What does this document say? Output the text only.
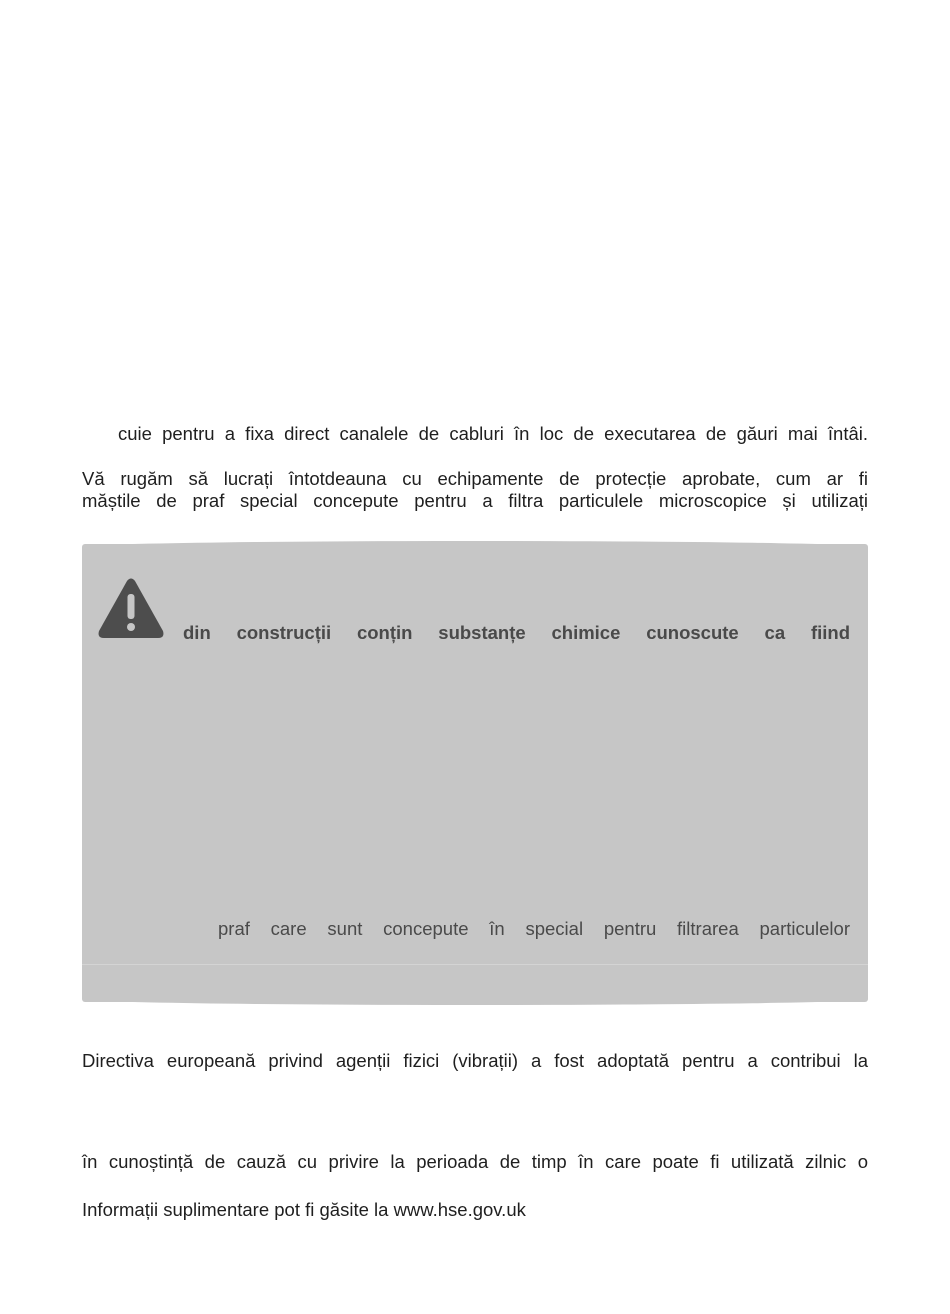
cuie pentru a fixa direct canalele de cabluri în loc de executarea de găuri mai întâi.
Vă rugăm să lucrați întotdeauna cu echipamente de protecție aprobate, cum ar fi
măștile de praf special concepute pentru a filtra particulele microscopice și utilizați
din construcții conțin substanțe chimice cunoscute ca fiind
praf care sunt concepute în special pentru filtrarea particulelor
Directiva europeană privind agenții fizici (vibrații) a fost adoptată pentru a contribui la
în cunoștință de cauză cu privire la perioada de timp în care poate fi utilizată zilnic o
Informații suplimentare pot fi găsite la www.hse.gov.uk
